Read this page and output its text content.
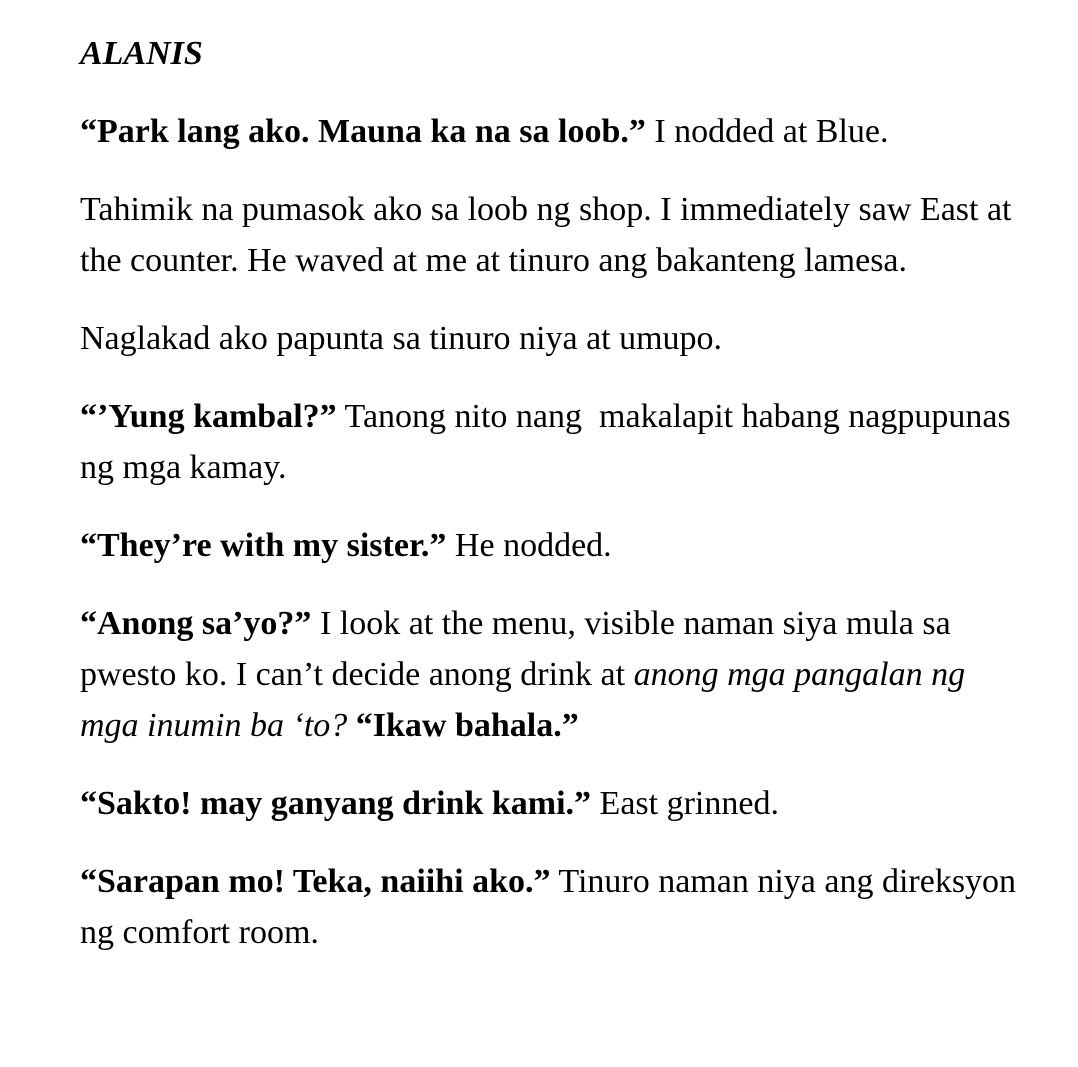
ALANIS

“Park lang ako. Mauna ka na sa loob.” I nodded at Blue.

Tahimik na pumasok ako sa loob ng shop. I immediately saw East at the counter. He waved at me at tinuro ang bakanteng lamesa.

Naglakad ako papunta sa tinuro niya at umupo.

“’Yung kambal?” Tanong nito nang  makalapit habang nagpupunas ng mga kamay.

“They’re with my sister.” He nodded.

“Anong sa’yo?” I look at the menu, visible naman siya mula sa pwesto ko. I can’t decide anong drink at anong mga pangalan ng mga inumin ba ‘to? “Ikaw bahala.”

“Sakto! may ganyang drink kami.” East grinned.

“Sarapan mo! Teka, naiihi ako.” Tinuro naman niya ang direksyon ng comfort room.
